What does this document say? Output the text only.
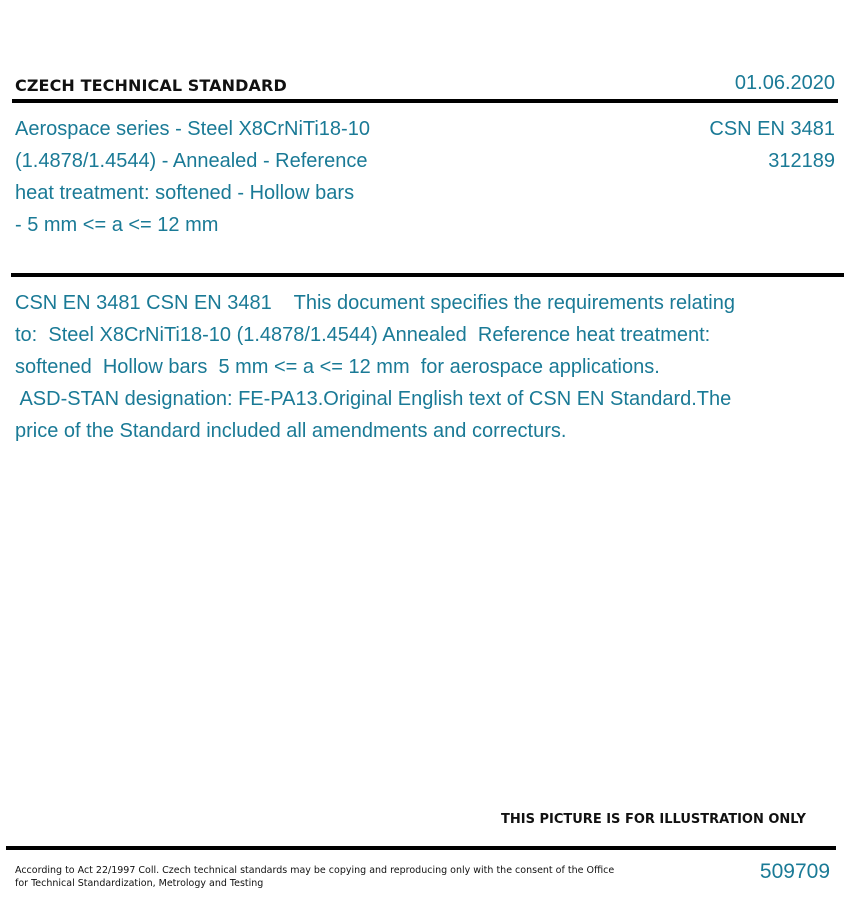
CZECH TECHNICAL STANDARD	01.06.2020
Aerospace series - Steel X8CrNiTi18-10
(1.4878/1.4544) - Annealed - Reference
heat treatment: softened - Hollow bars
- 5 mm <= a <= 12 mm
CSN EN 3481
312189
CSN EN 3481 CSN EN 3481    This document specifies the requirements relating
to:  Steel X8CrNiTi18-10 (1.4878/1.4544) Annealed  Reference heat treatment:
softened  Hollow bars  5 mm <= a <= 12 mm  for aerospace applications.
ASD-STAN designation: FE-PA13.Original English text of CSN EN Standard.The
price of the Standard included all amendments and correcturs.
THIS PICTURE IS FOR ILLUSTRATION ONLY
According to Act 22/1997 Coll. Czech technical standards may be copying and reproducing only with the consent of the Office
for Technical Standardization, Metrology and Testing
509709
